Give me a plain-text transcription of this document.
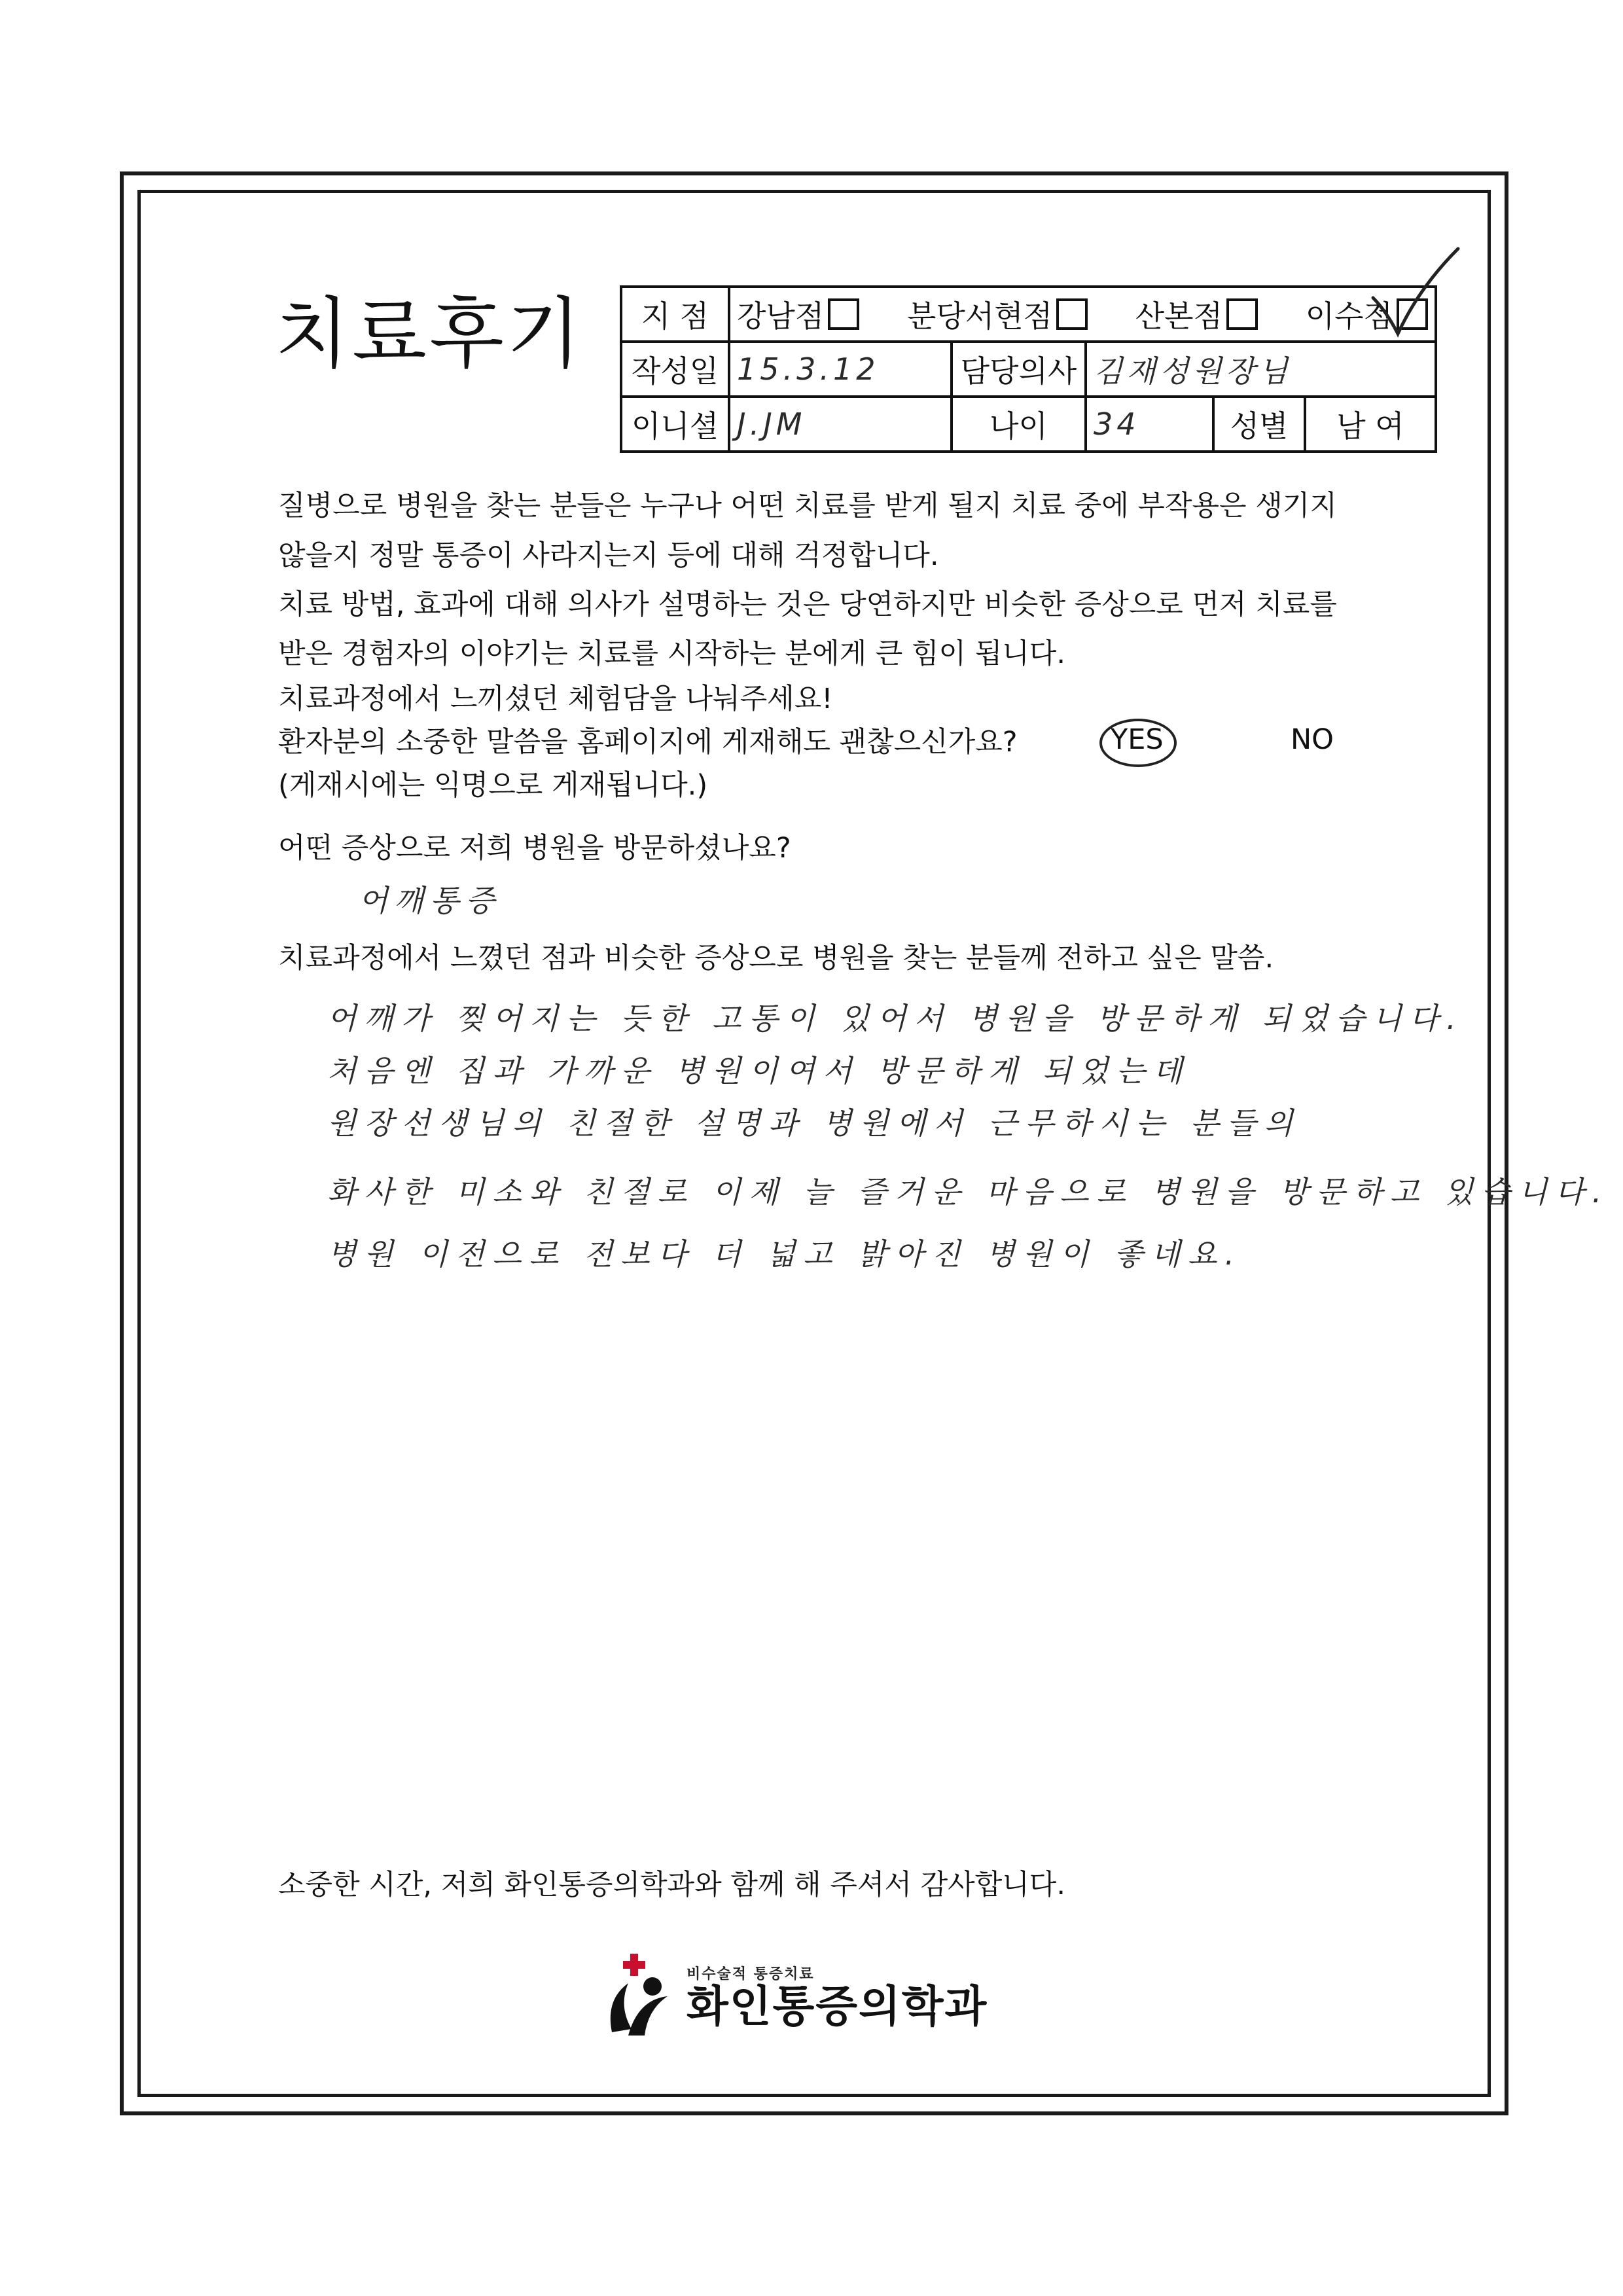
치료후기 지 점	강남점 분당서현점 산본점 이수점				

작성일	15.3.12	담당의사	김재성원장님		
이니셜	J.JM	나이	34	성별	남 여
질병으로 병원을 찾는 분들은 누구나 어떤 치료를 받게 될지 치료 중에 부작용은 생기지
않을지 정말 통증이 사라지는지 등에 대해 걱정합니다.
치료 방법, 효과에 대해 의사가 설명하는 것은 당연하지만 비슷한 증상으로 먼저 치료를
받은 경험자의 이야기는 치료를 시작하는 분에게 큰 힘이 됩니다.
치료과정에서 느끼셨던 체험담을 나눠주세요!
환자분의 소중한 말씀을 홈페이지에 게재해도 괜찮으신가요?	YES	NO
(게재시에는 익명으로 게재됩니다.)
어떤 증상으로 저희 병원을 방문하셨나요?
어깨통증
치료과정에서 느꼈던 점과 비슷한 증상으로 병원을 찾는 분들께 전하고 싶은 말씀.
어깨가 찢어지는 듯한 고통이 있어서 병원을 방문하게 되었습니다.
처음엔 집과 가까운 병원이여서 방문하게 되었는데
원장선생님의 친절한 설명과 병원에서 근무하시는 분들의
화사한 미소와 친절로 이제 늘 즐거운 마음으로 병원을 방문하고 있습니다.
병원 이전으로 전보다 더 넓고 밝아진 병원이 좋네요.
소중한 시간, 저희 화인통증의학과와 함께 해 주셔서 감사합니다.
비수술적 통증치료
화인통증의학과
